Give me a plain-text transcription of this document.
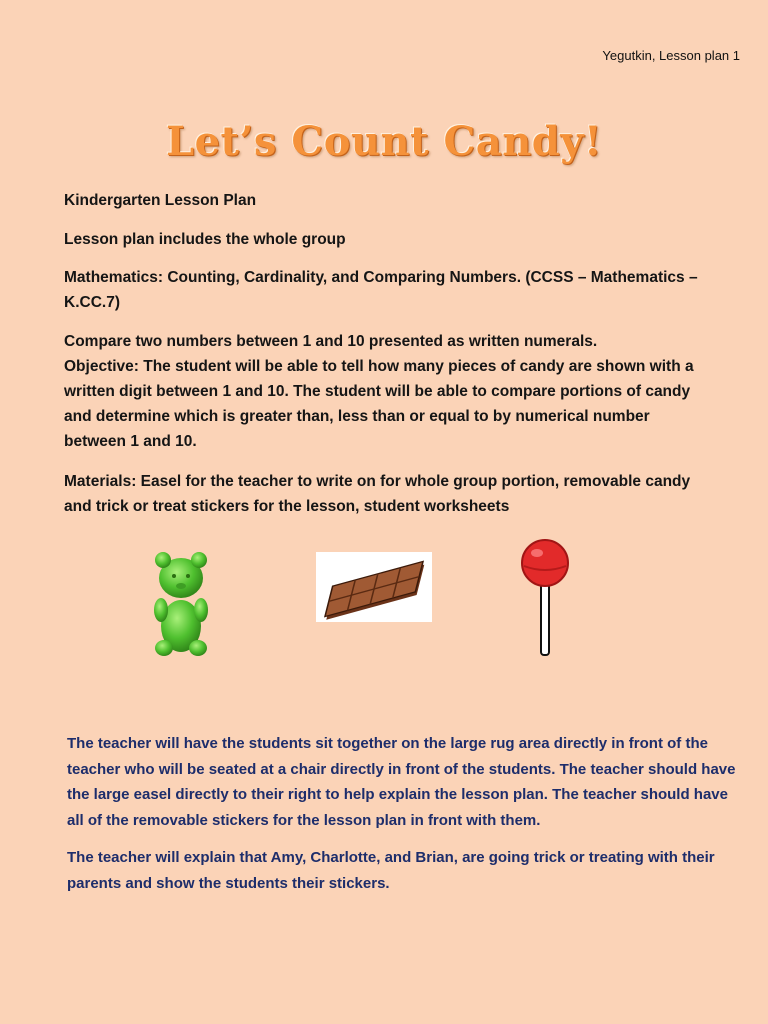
Yegutkin, Lesson plan 1
Let’s Count Candy!

Kindergarten Lesson Plan

Lesson plan includes the whole group

Mathematics: Counting, Cardinality, and Comparing Numbers. (CCSS – Mathematics – K.CC.7)

Compare two numbers between 1 and 10 presented as written numerals.

Objective: The student will be able to tell how many pieces of candy are shown with a written digit between 1 and 10. The student will be able to compare portions of candy and determine which is greater than, less than or equal to by numerical number between 1 and 10.

Materials: Easel for the teacher to write on for whole group portion, removable candy and trick or treat stickers for the lesson, student worksheets

The teacher will have the students sit together on the large rug area directly in front of the teacher who will be seated at a chair directly in front of the students. The teacher should have the large easel directly to their right to help explain the lesson plan. The teacher should have all of the removable stickers for the lesson plan in front with them.

The teacher will explain that Amy, Charlotte, and Brian, are going trick or treating with their parents and show the students their stickers.
